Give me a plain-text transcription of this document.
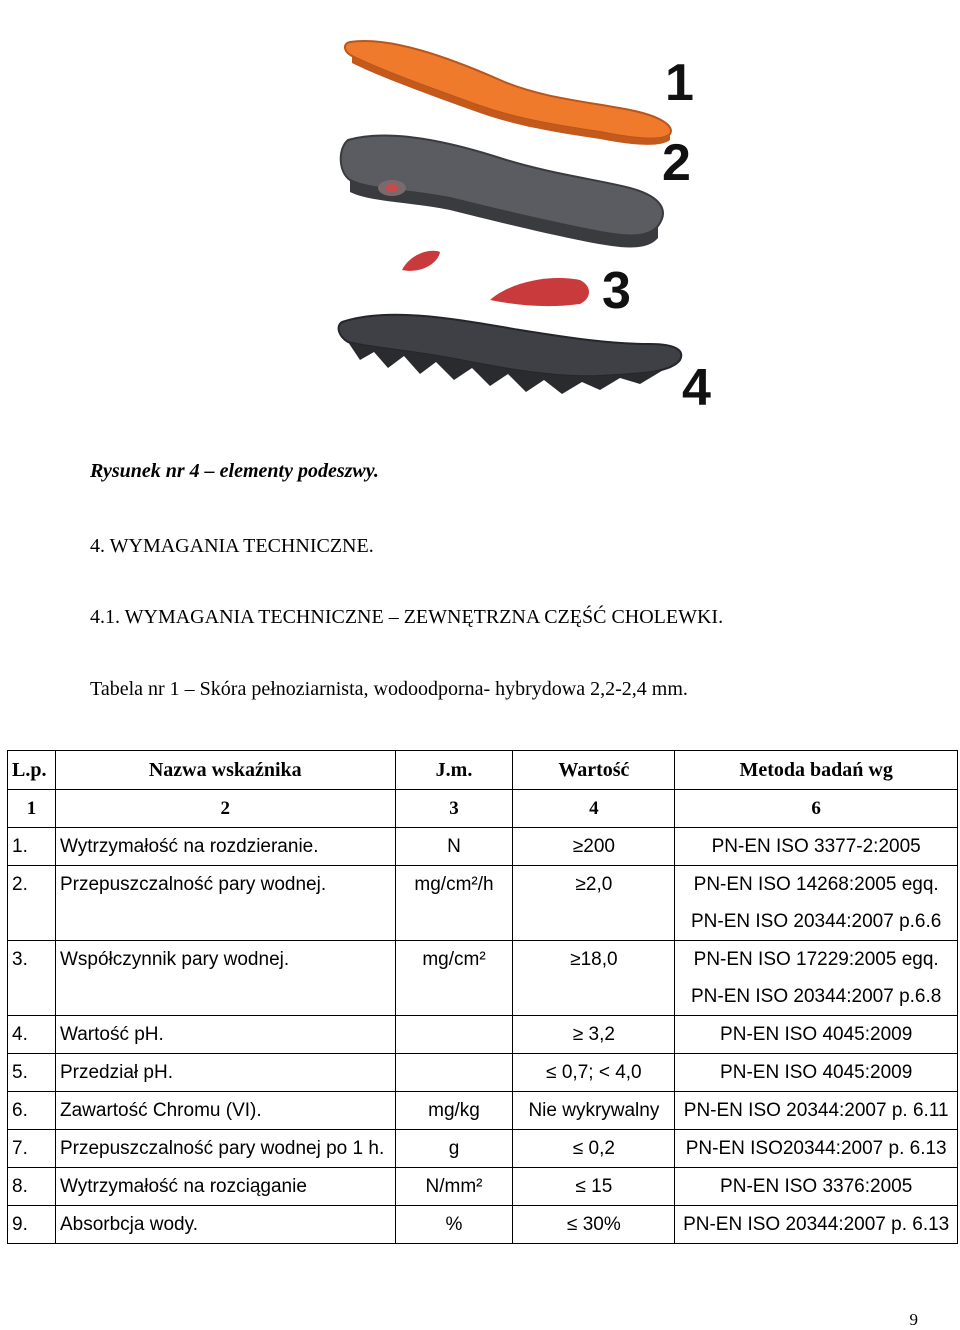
1
2
3
4
Rysunek nr 4 – elementy podeszwy.
4. WYMAGANIA TECHNICZNE.
4.1. WYMAGANIA TECHNICZNE – ZEWNĘTRZNA CZĘŚĆ CHOLEWKI.
Tabela nr 1 – Skóra pełnoziarnista, wodoodporna- hybrydowa 2,2-2,4 mm.
L.p.	Nazwa wskaźnika	J.m.	Wartość	Metoda badań wg
1	2	3	4	6
1.	Wytrzymałość na rozdzieranie.	N	≥200	PN-EN ISO 3377-2:2005
2.	Przepuszczalność pary wodnej.	mg/cm²/h	≥2,0	PN-EN ISO 14268:2005 egq.
				PN-EN ISO 20344:2007 p.6.6
3.	Współczynnik pary wodnej.	mg/cm²	≥18,0	PN-EN ISO 17229:2005 egq.
				PN-EN ISO 20344:2007 p.6.8
4.	Wartość pH.		≥ 3,2	PN-EN ISO 4045:2009
5.	Przedział pH.		≤ 0,7; < 4,0	PN-EN ISO 4045:2009
6.	Zawartość Chromu (VI).	mg/kg	Nie wykrywalny	PN-EN ISO 20344:2007 p. 6.11
7.	Przepuszczalność pary wodnej po 1 h.	g	≤ 0,2	PN-EN ISO20344:2007 p. 6.13
8.	Wytrzymałość na rozciąganie	N/mm²	≤ 15	PN-EN ISO 3376:2005
9.	Absorbcja wody.	%	≤ 30%	PN-EN ISO 20344:2007 p. 6.13
9
